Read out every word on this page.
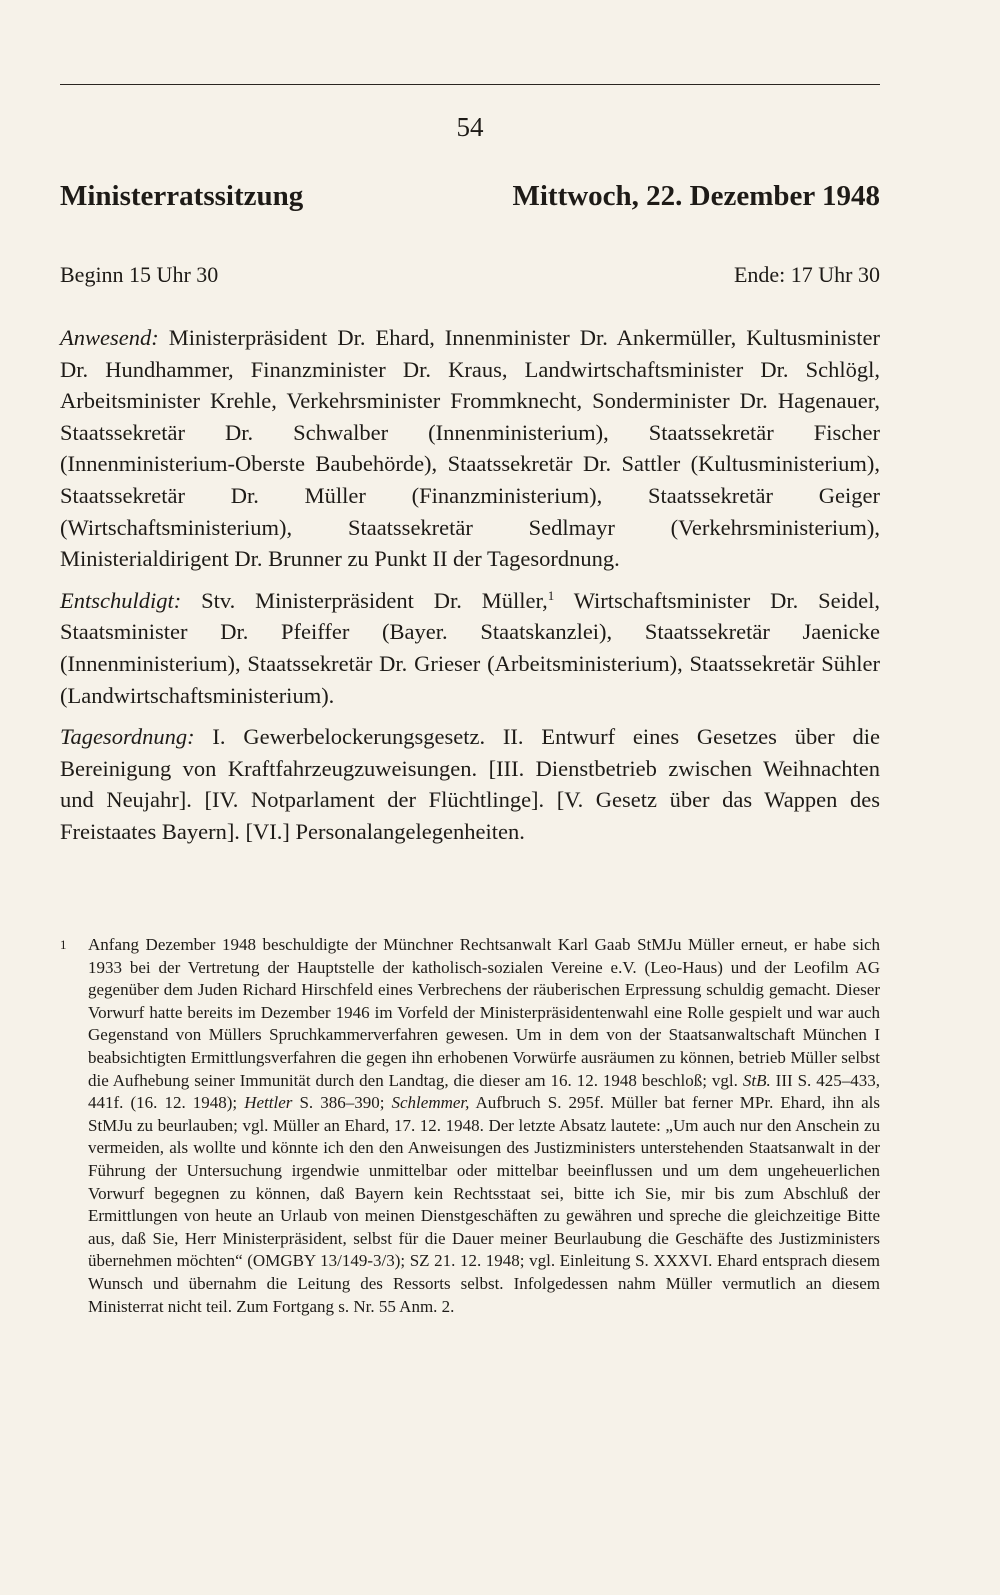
54
Ministerratssitzung	Mittwoch, 22. Dezember 1948
Beginn 15 Uhr 30	Ende: 17 Uhr 30

Anwesend: Ministerpräsident Dr. Ehard, Innenminister Dr. Ankermüller, Kultusminister Dr. Hundhammer, Finanzminister Dr. Kraus, Landwirtschaftsminister Dr. Schlögl, Arbeitsminister Krehle, Verkehrsminister Frommknecht, Sonderminister Dr. Hagenauer, Staatssekretär Dr. Schwalber (Innenministerium), Staatssekretär Fischer (Innenministerium-Oberste Baubehörde), Staatssekretär Dr. Sattler (Kultusministerium), Staatssekretär Dr. Müller (Finanzministerium), Staatssekretär Geiger (Wirtschaftsministerium), Staatssekretär Sedlmayr (Verkehrsministerium), Ministerialdirigent Dr. Brunner zu Punkt II der Tagesordnung.

Entschuldigt: Stv. Ministerpräsident Dr. Müller,$^1$ Wirtschaftsminister Dr. Seidel, Staatsminister Dr. Pfeiffer (Bayer. Staatskanzlei), Staatssekretär Jaenicke (Innenministerium), Staatssekretär Dr. Grieser (Arbeitsministerium), Staatssekretär Sühler (Landwirtschaftsministerium).

Tagesordnung: I. Gewerbelockerungsgesetz. II. Entwurf eines Gesetzes über die Bereinigung von Kraftfahrzeugzuweisungen. [III. Dienstbetrieb zwischen Weihnachten und Neujahr]. [IV. Notparlament der Flüchtlinge]. [V. Gesetz über das Wappen des Freistaates Bayern]. [VI.] Personalangelegenheiten.

1	Anfang Dezember 1948 beschuldigte der Münchner Rechtsanwalt Karl Gaab StMJu Müller erneut, er habe sich 1933 bei der Vertretung der Hauptstelle der katholisch-sozialen Vereine e.V. (Leo-Haus) und der Leofilm AG gegenüber dem Juden Richard Hirschfeld eines Verbrechens der räuberischen Erpressung schuldig gemacht. Dieser Vorwurf hatte bereits im Dezember 1946 im Vorfeld der Ministerpräsidentenwahl eine Rolle gespielt und war auch Gegenstand von Müllers Spruchkammerverfahren gewesen. Um in dem von der Staatsanwaltschaft München I beabsichtigten Ermittlungsverfahren die gegen ihn erhobenen Vorwürfe ausräumen zu können, betrieb Müller selbst die Aufhebung seiner Immunität durch den Landtag, die dieser am 16. 12. 1948 beschloß; vgl. StB. III S. 425–433, 441f. (16. 12. 1948); Hettler S. 386–390; Schlemmer, Aufbruch S. 295f. Müller bat ferner MPr. Ehard, ihn als StMJu zu beurlauben; vgl. Müller an Ehard, 17. 12. 1948. Der letzte Absatz lautete: „Um auch nur den Anschein zu vermeiden, als wollte und könnte ich den den Anweisungen des Justizministers unterstehenden Staatsanwalt in der Führung der Untersuchung irgendwie unmittelbar oder mittelbar beeinflussen und um dem ungeheuerlichen Vorwurf begegnen zu können, daß Bayern kein Rechtsstaat sei, bitte ich Sie, mir bis zum Abschluß der Ermittlungen von heute an Urlaub von meinen Dienstgeschäften zu gewähren und spreche die gleichzeitige Bitte aus, daß Sie, Herr Ministerpräsident, selbst für die Dauer meiner Beurlaubung die Geschäfte des Justizministers übernehmen möchten“ (OMGBY 13/149-3/3); SZ 21. 12. 1948; vgl. Einleitung S. XXXVI. Ehard entsprach diesem Wunsch und übernahm die Leitung des Ressorts selbst. Infolgedessen nahm Müller vermutlich an diesem Ministerrat nicht teil. Zum Fortgang s. Nr. 55 Anm. 2.
